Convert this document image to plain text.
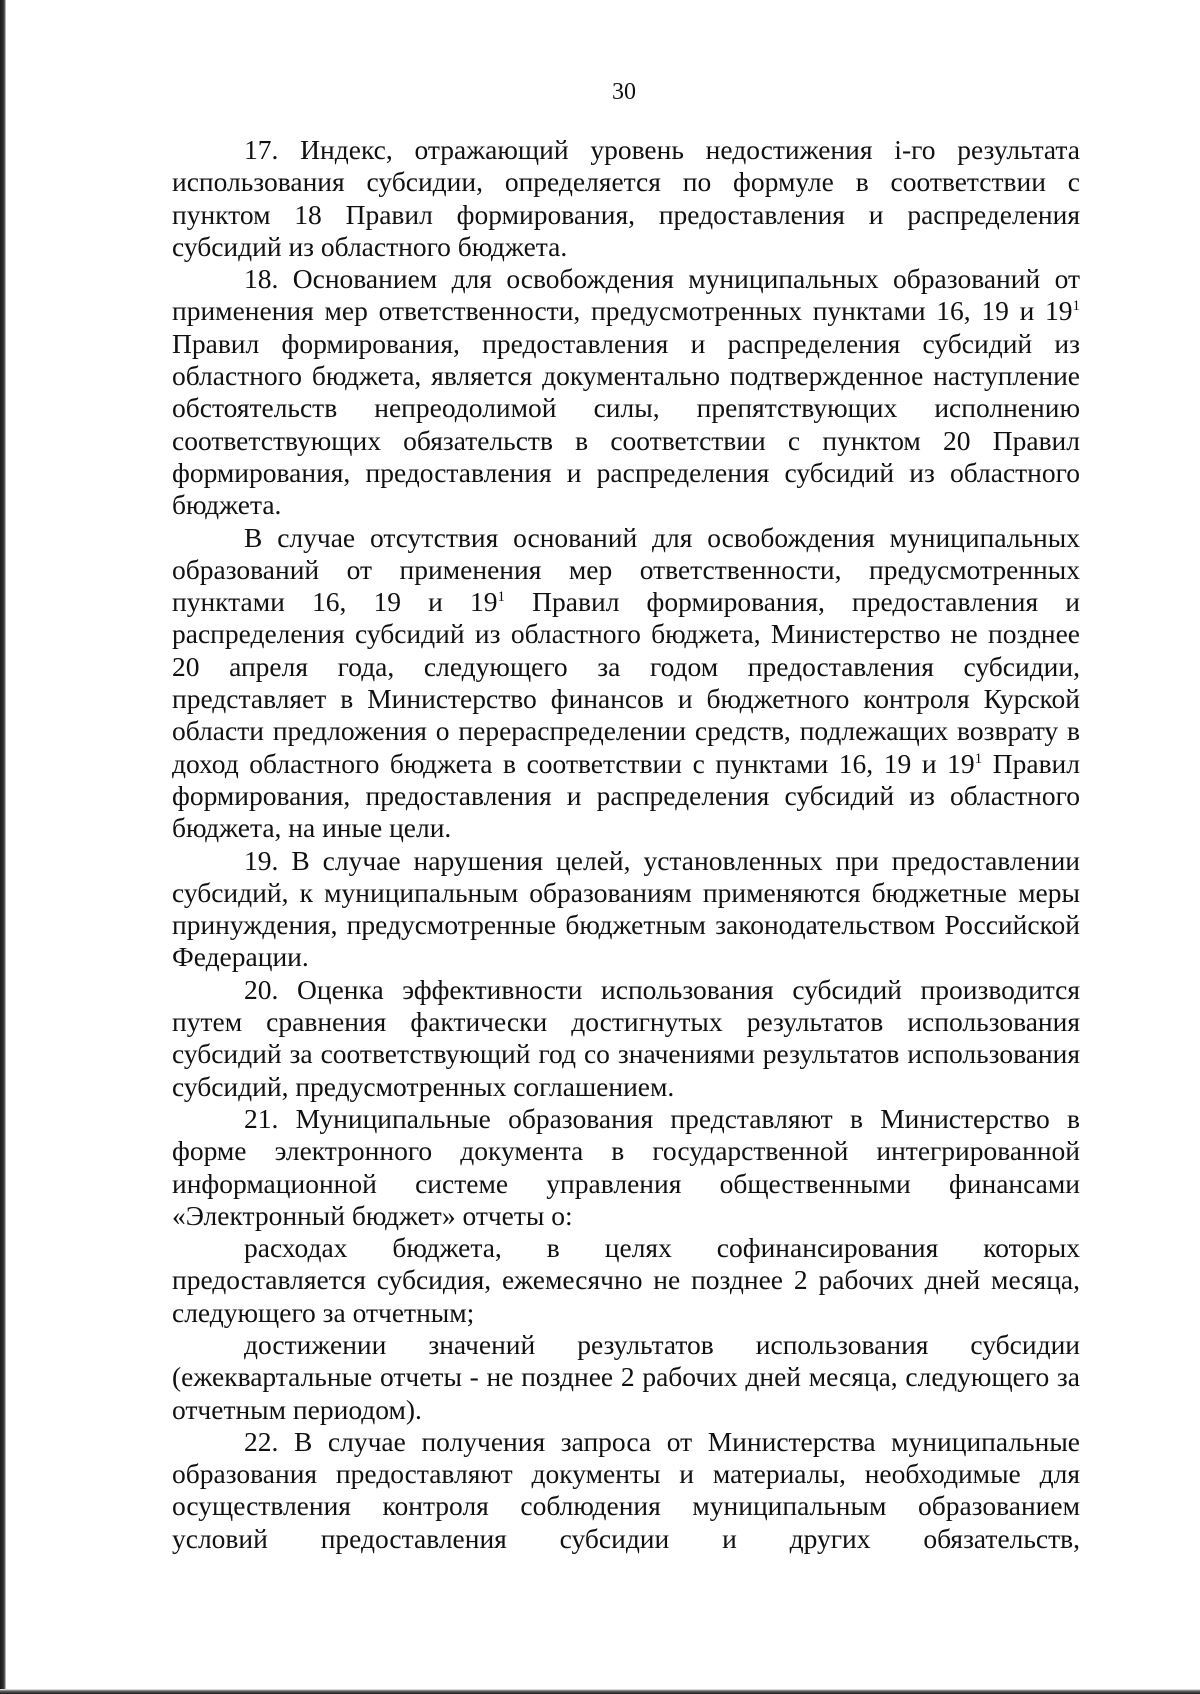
30

17. Индекс, отражающий уровень недостижения i-го результата использования субсидии, определяется по формуле в соответствии с пунктом 18 Правил формирования, предоставления и распределения субсидий из областного бюджета.

18. Основанием для освобождения муниципальных образований от применения мер ответственности, предусмотренных пунктами 16, 19 и $19^1$ Правил формирования, предоставления и распределения субсидий из областного бюджета, является документально подтвержденное наступление обстоятельств непреодолимой силы, препятствующих исполнению соответствующих обязательств в соответствии с пунктом 20 Правил формирования, предоставления и распределения субсидий из областного бюджета.

В случае отсутствия оснований для освобождения муниципальных образований от применения мер ответственности, предусмотренных пунктами 16, 19 и $19^1$ Правил формирования, предоставления и распределения субсидий из областного бюджета, Министерство не позднее 20 апреля года, следующего за годом предоставления субсидии, представляет в Министерство финансов и бюджетного контроля Курской области предложения о перераспределении средств, подлежащих возврату в доход областного бюджета в соответствии с пунктами 16, 19 и $19^1$ Правил формирования, предоставления и распределения субсидий из областного бюджета, на иные цели.

19. В случае нарушения целей, установленных при предоставлении субсидий, к муниципальным образованиям применяются бюджетные меры принуждения, предусмотренные бюджетным законодательством Российской Федерации.

20. Оценка эффективности использования субсидий производится путем сравнения фактически достигнутых результатов использования субсидий за соответствующий год со значениями результатов использования субсидий, предусмотренных соглашением.

21. Муниципальные образования представляют в Министерство в форме электронного документа в государственной интегрированной информационной системе управления общественными финансами «Электронный бюджет» отчеты о:

расходах бюджета, в целях софинансирования которых предоставляется субсидия, ежемесячно не позднее 2 рабочих дней месяца, следующего за отчетным;

достижении значений результатов использования субсидии (ежеквартальные отчеты - не позднее 2 рабочих дней месяца, следующего за отчетным периодом).

22. В случае получения запроса от Министерства муниципальные образования предоставляют документы и материалы, необходимые для осуществления контроля соблюдения муниципальным образованием условий предоставления субсидии и других обязательств,
